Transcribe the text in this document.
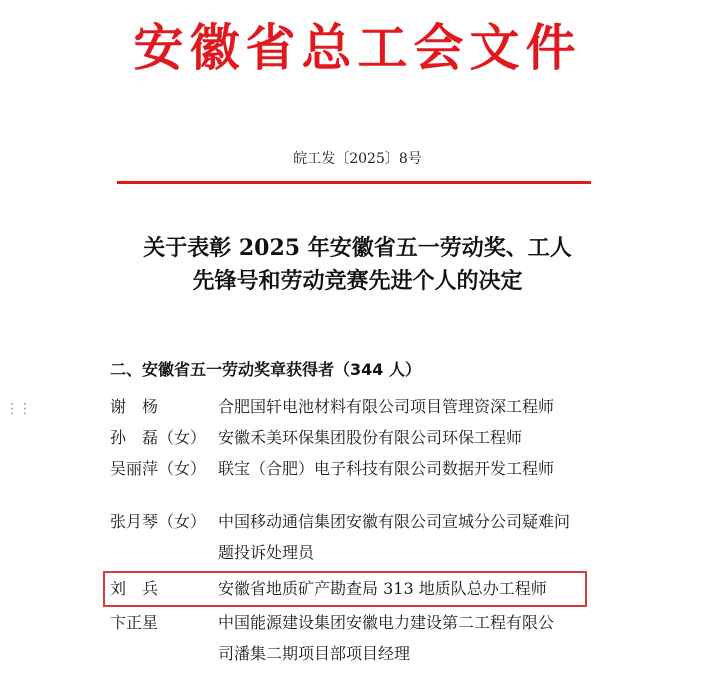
⋮⋮
安徽省总工会文件
皖工发〔2025〕8号
关于表彰 2025 年安徽省五一劳动奖、工人
先锋号和劳动竞赛先进个人的决定
二、安徽省五一劳动奖章获得者（344 人）
谢　杨	合肥国轩电池材料有限公司项目管理资深工程师
孙　磊（女） 安徽禾美环保集团股份有限公司环保工程师
吴丽萍（女） 联宝（合肥）电子科技有限公司数据开发工程师
张月琴（女） 中国移动通信集团安徽有限公司宣城分公司疑难问
题投诉处理员
刘　兵	安徽省地质矿产勘查局 313 地质队总办工程师
卞正星	中国能源建设集团安徽电力建设第二工程有限公
司潘集二期项目部项目经理
